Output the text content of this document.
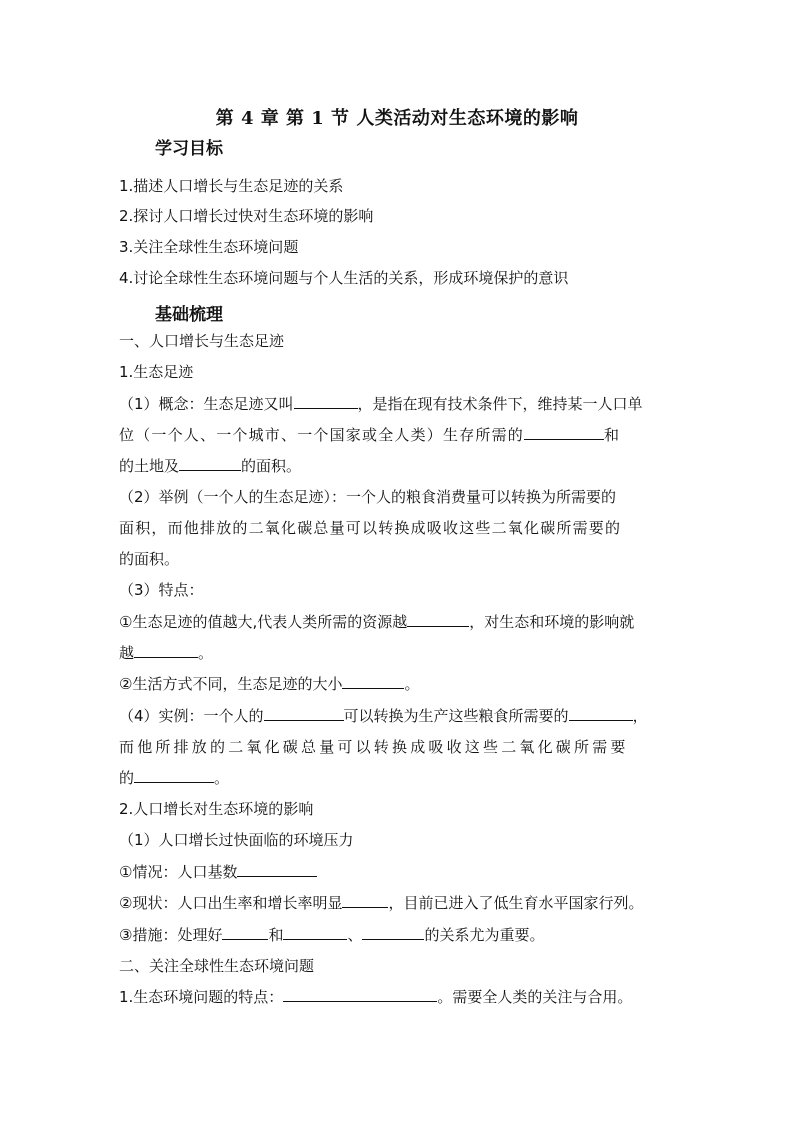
第 4 章 第 1 节 人类活动对生态环境的影响
学习目标
1.描述人口增长与生态足迹的关系
2.探讨人口增长过快对生态环境的影响
3.关注全球性生态环境问题
4.讨论全球性生态环境问题与个人生活的关系，形成环境保护的意识
基础梳理
一、人口增长与生态足迹
1.生态足迹
（1）概念：生态足迹又叫	，是指在现有技术条件下，维持某一人口单
位（一个人、一个城市、一个国家或全人类）生存所需的	和
的土地及	的面积。
（2）举例（一个人的生态足迹）：一个人的粮食消费量可以转换为所需要的
面积，而他排放的二氧化碳总量可以转换成吸收这些二氧化碳所需要的
的面积。
（3）特点：
①生态足迹的值越大,代表人类所需的资源越	，对生态和环境的影响就
越	。
②生活方式不同，生态足迹的大小	。
（4）实例：一个人的	可以转换为生产这些粮食所需要的	，
而他所排放的二氧化碳总量可以转换成吸收这些二氧化碳所需要
的	。
2.人口增长对生态环境的影响
（1）人口增长过快面临的环境压力
①情况：人口基数
②现状：人口出生率和增长率明显	，目前已进入了低生育水平国家行列。
③措施：处理好	和	、	的关系尤为重要。
二、关注全球性生态环境问题
1.生态环境问题的特点：	。需要全人类的关注与合用。
